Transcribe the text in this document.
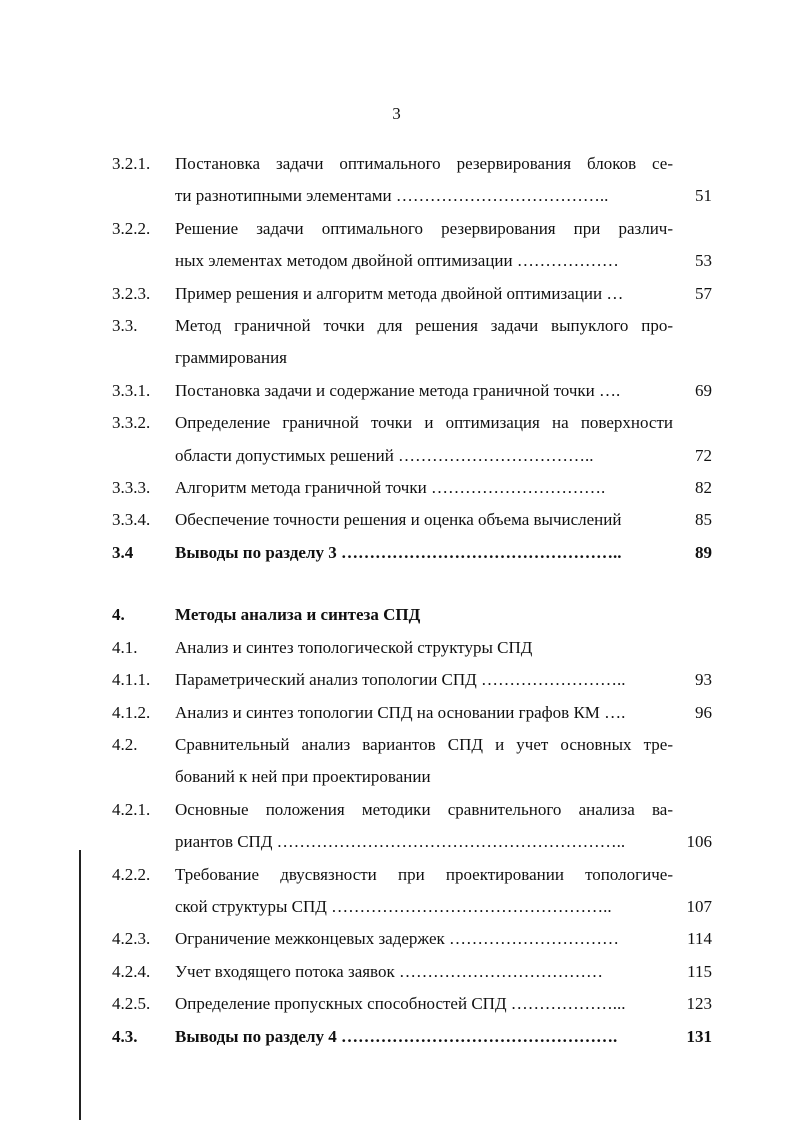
3
3.2.1.	Постановка задачи оптимального резервирования блоков се-
ти разнотипными элементами ………………………………..	51
3.2.2.	Решение задачи оптимального резервирования при различ-
ных элементах методом двойной оптимизации ………………	53
3.2.3.	Пример решения и алгоритм метода двойной оптимизации …	57
3.3.	Метод граничной точки для решения задачи выпуклого про-
граммирования
3.3.1.	Постановка задачи и содержание метода граничной точки ….	69
3.3.2.	Определение граничной точки и оптимизация на поверхности
области допустимых решений ……………………………..	72
3.3.3.	Алгоритм метода граничной точки ………………………….	82
3.3.4.	Обеспечение точности решения и оценка объема вычислений	85
3.4	Выводы по разделу 3 …………………………………………..	89
4.	Методы анализа и синтеза СПД
4.1.	Анализ и синтез топологической структуры СПД
4.1.1.	Параметрический анализ топологии СПД ……………………..	93
4.1.2.	Анализ и синтез топологии СПД на основании графов КМ ….	96
4.2.	Сравнительный анализ вариантов СПД и учет основных тре-
бований к ней при проектировании
4.2.1.	Основные положения методики сравнительного анализа ва-
риантов СПД ……………………………………………………..	106
4.2.2.	Требование двусвязности при проектировании топологиче-
ской структуры СПД …………………………………………..	107
4.2.3.	Ограничение межконцевых задержек …………………………	114
4.2.4.	Учет входящего потока заявок ………………………………	115
4.2.5.	Определение пропускных способностей СПД ………………...	123
4.3.	Выводы по разделу 4 ………………………………………….	131
